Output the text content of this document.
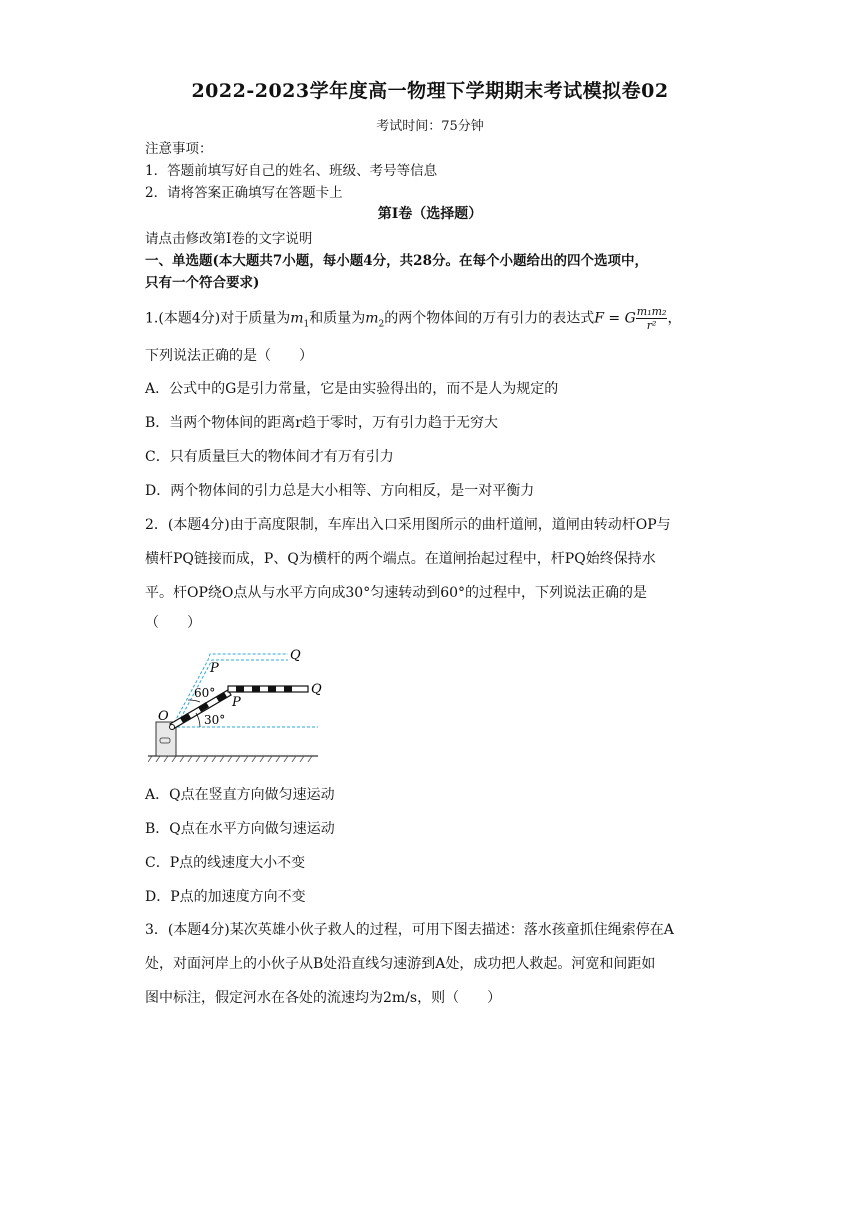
2022-2023学年度高一物理下学期期末考试模拟卷02
考试时间：75分钟
注意事项：
1．答题前填写好自己的姓名、班级、考号等信息
2．请将答案正确填写在答题卡上
第I卷（选择题）
请点击修改第I卷的文字说明
一、单选题(本大题共7小题，每小题4分，共28分。在每个小题给出的四个选项中，
只有一个符合要求)
1.(本题4分)对于质量为$m_1$和质量为$m_2$的两个物体间的万有引力的表达式F = G $\frac{\text{m₁m₂}}{\text{r²}}$ ，
下列说法正确的是（　　）
A．公式中的G是引力常量，它是由实验得出的，而不是人为规定的
B．当两个物体间的距离r趋于零时，万有引力趋于无穷大
C．只有质量巨大的物体间才有万有引力
D．两个物体间的引力总是大小相等、方向相反，是一对平衡力
2．(本题4分)由于高度限制，车库出入口采用图所示的曲杆道闸，道闸由转动杆OP与
横杆PQ链接而成，P、Q为横杆的两个端点。在道闸抬起过程中，杆PQ始终保持水
平。杆OP绕O点从与水平方向成30°匀速转动到60°的过程中，下列说法正确的是
（　　）
O
P
Q
P
Q
60°
30°
A．Q点在竖直方向做匀速运动
B．Q点在水平方向做匀速运动
C．P点的线速度大小不变
D．P点的加速度方向不变
3．(本题4分)某次英雄小伙子救人的过程，可用下图去描述：落水孩童抓住绳索停在A
处，对面河岸上的小伙子从B处沿直线匀速游到A处，成功把人救起。河宽和间距如
图中标注，假定河水在各处的流速均为2m/s，则（　　）
